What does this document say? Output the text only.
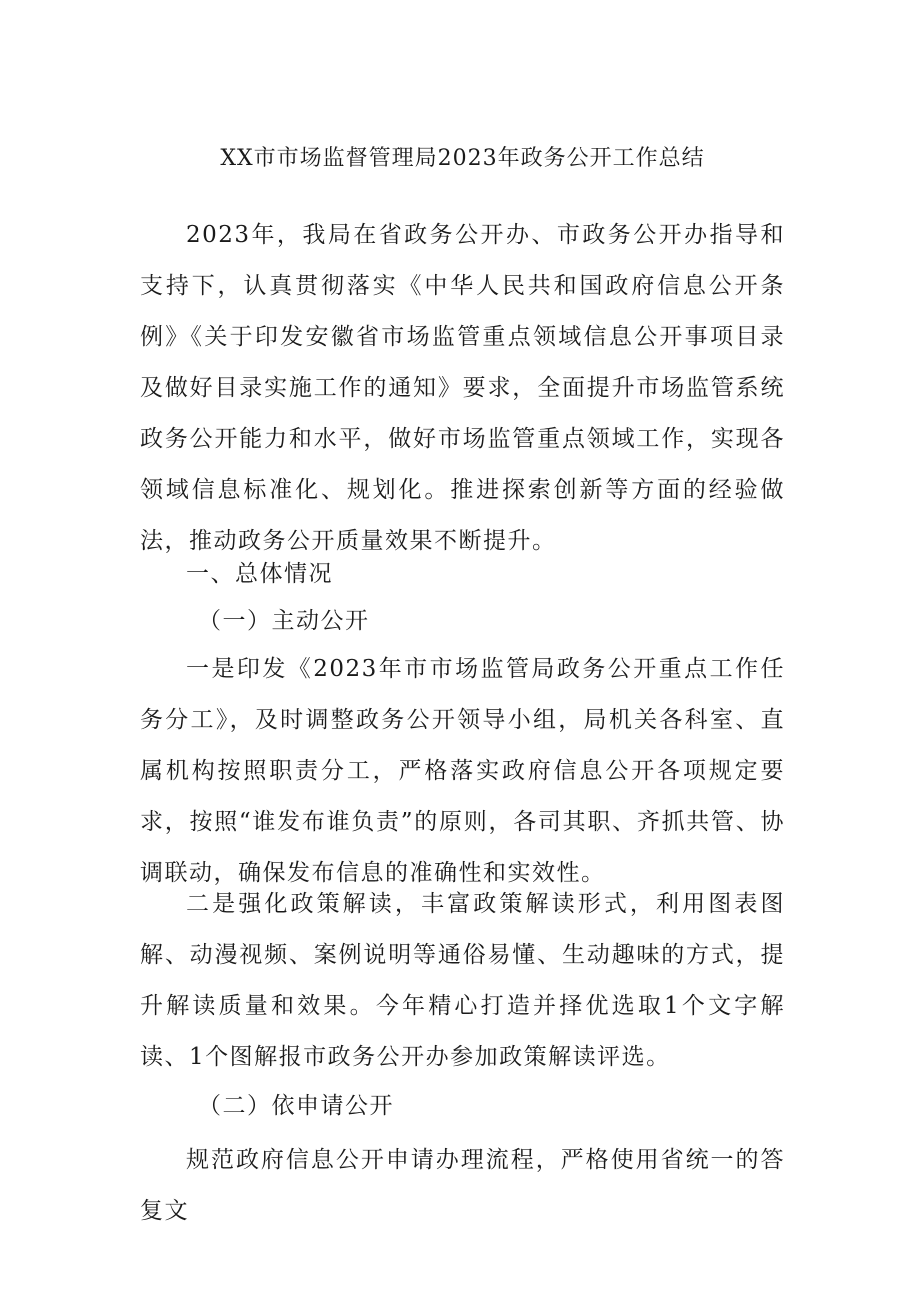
XX市市场监督管理局2023年政务公开工作总结

2023年，我局在省政务公开办、市政务公开办指导和支持下，认真贯彻落实《中华人民共和国政府信息公开条例》《关于印发安徽省市场监管重点领域信息公开事项目录及做好目录实施工作的通知》要求，全面提升市场监管系统政务公开能力和水平，做好市场监管重点领域工作，实现各领域信息标准化、规划化。推进探索创新等方面的经验做法，推动政务公开质量效果不断提升。

一、总体情况

（一）主动公开

一是印发《2023年市市场监管局政务公开重点工作任务分工》，及时调整政务公开领导小组，局机关各科室、直属机构按照职责分工，严格落实政府信息公开各项规定要求，按照“谁发布谁负责”的原则，各司其职、齐抓共管、协调联动，确保发布信息的准确性和实效性。

二是强化政策解读，丰富政策解读形式，利用图表图解、动漫视频、案例说明等通俗易懂、生动趣味的方式，提升解读质量和效果。今年精心打造并择优选取1个文字解读、1个图解报市政务公开办参加政策解读评选。

（二）依申请公开

规范政府信息公开申请办理流程，严格使用省统一的答复文
